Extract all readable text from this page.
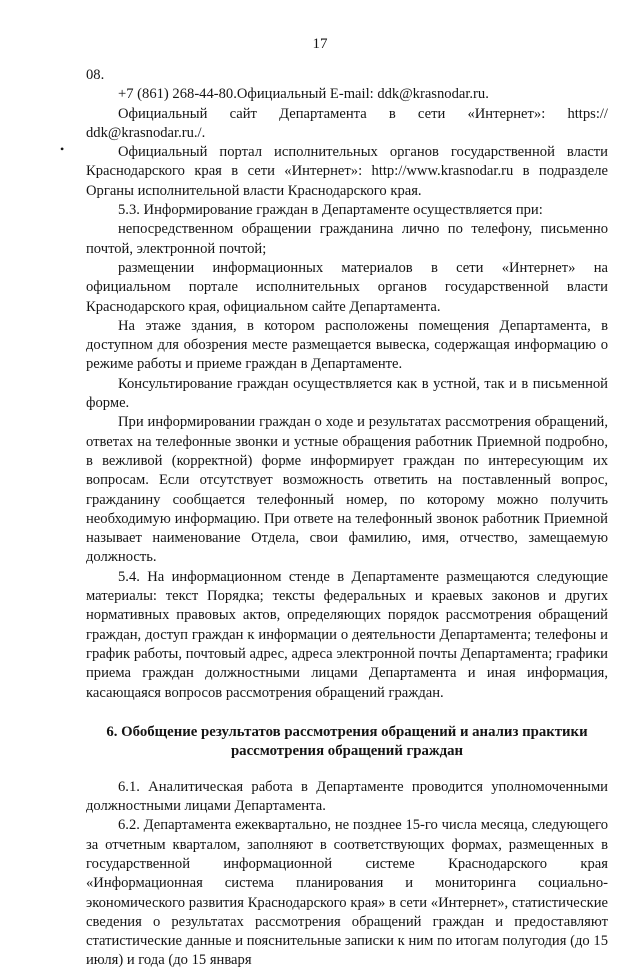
17
•

08.

+7 (861) 268-44-80.Официальный E-mail: ddk@krasnodar.ru.

Официальный сайт Департамента в сети «Интернет»: https:// ddk@krasnodar.ru./.

Официальный портал исполнительных органов государственной власти Краснодарского края в сети «Интернет»: http://www.krasnodar.ru в подразделе Органы исполнительной власти Краснодарского края.

5.3. Информирование граждан в Департаменте осуществляется при:

непосредственном обращении гражданина лично по телефону, письменно почтой, электронной почтой;

размещении информационных материалов в сети «Интернет» на официальном портале исполнительных органов государственной власти Краснодарского края, официальном сайте Департамента.

На этаже здания, в котором расположены помещения Департамента, в доступном для обозрения месте размещается вывеска, содержащая информацию о режиме работы и приеме граждан в Департаменте.

Консультирование граждан осуществляется как в устной, так и в письменной форме.

При информировании граждан о ходе и результатах рассмотрения обращений, ответах на телефонные звонки и устные обращения работник Приемной подробно, в вежливой (корректной) форме информирует граждан по интересующим их вопросам. Если отсутствует возможность ответить на поставленный вопрос, гражданину сообщается телефонный номер, по которому можно получить необходимую информацию. При ответе на телефонный звонок работник Приемной называет наименование Отдела, свои фамилию, имя, отчество, замещаемую должность.

5.4. На информационном стенде в Департаменте размещаются следующие материалы: текст Порядка; тексты федеральных и краевых законов и других нормативных правовых актов, определяющих порядок рассмотрения обращений граждан, доступ граждан к информации о деятельности Департамента; телефоны и график работы, почтовый адрес, адреса электронной почты Департамента; графики приема граждан должностными лицами Департамента и иная информация, касающаяся вопросов рассмотрения обращений граждан.

6. Обобщение результатов рассмотрения обращений и анализ практики рассмотрения обращений граждан

6.1. Аналитическая работа в Департаменте проводится уполномоченными должностными лицами Департамента.

6.2. Департамента ежеквартально, не позднее 15-го числа месяца, следующего за отчетным кварталом, заполняют в соответствующих формах, размещенных в государственной информационной системе Краснодарского края «Информационная система планирования и мониторинга социально-экономического развития Краснодарского края» в сети «Интернет», статистические сведения о результатах рассмотрения обращений граждан и предоставляют статистические данные и пояснительные записки к ним по итогам полугодия (до 15 июля) и года (до 15 января
